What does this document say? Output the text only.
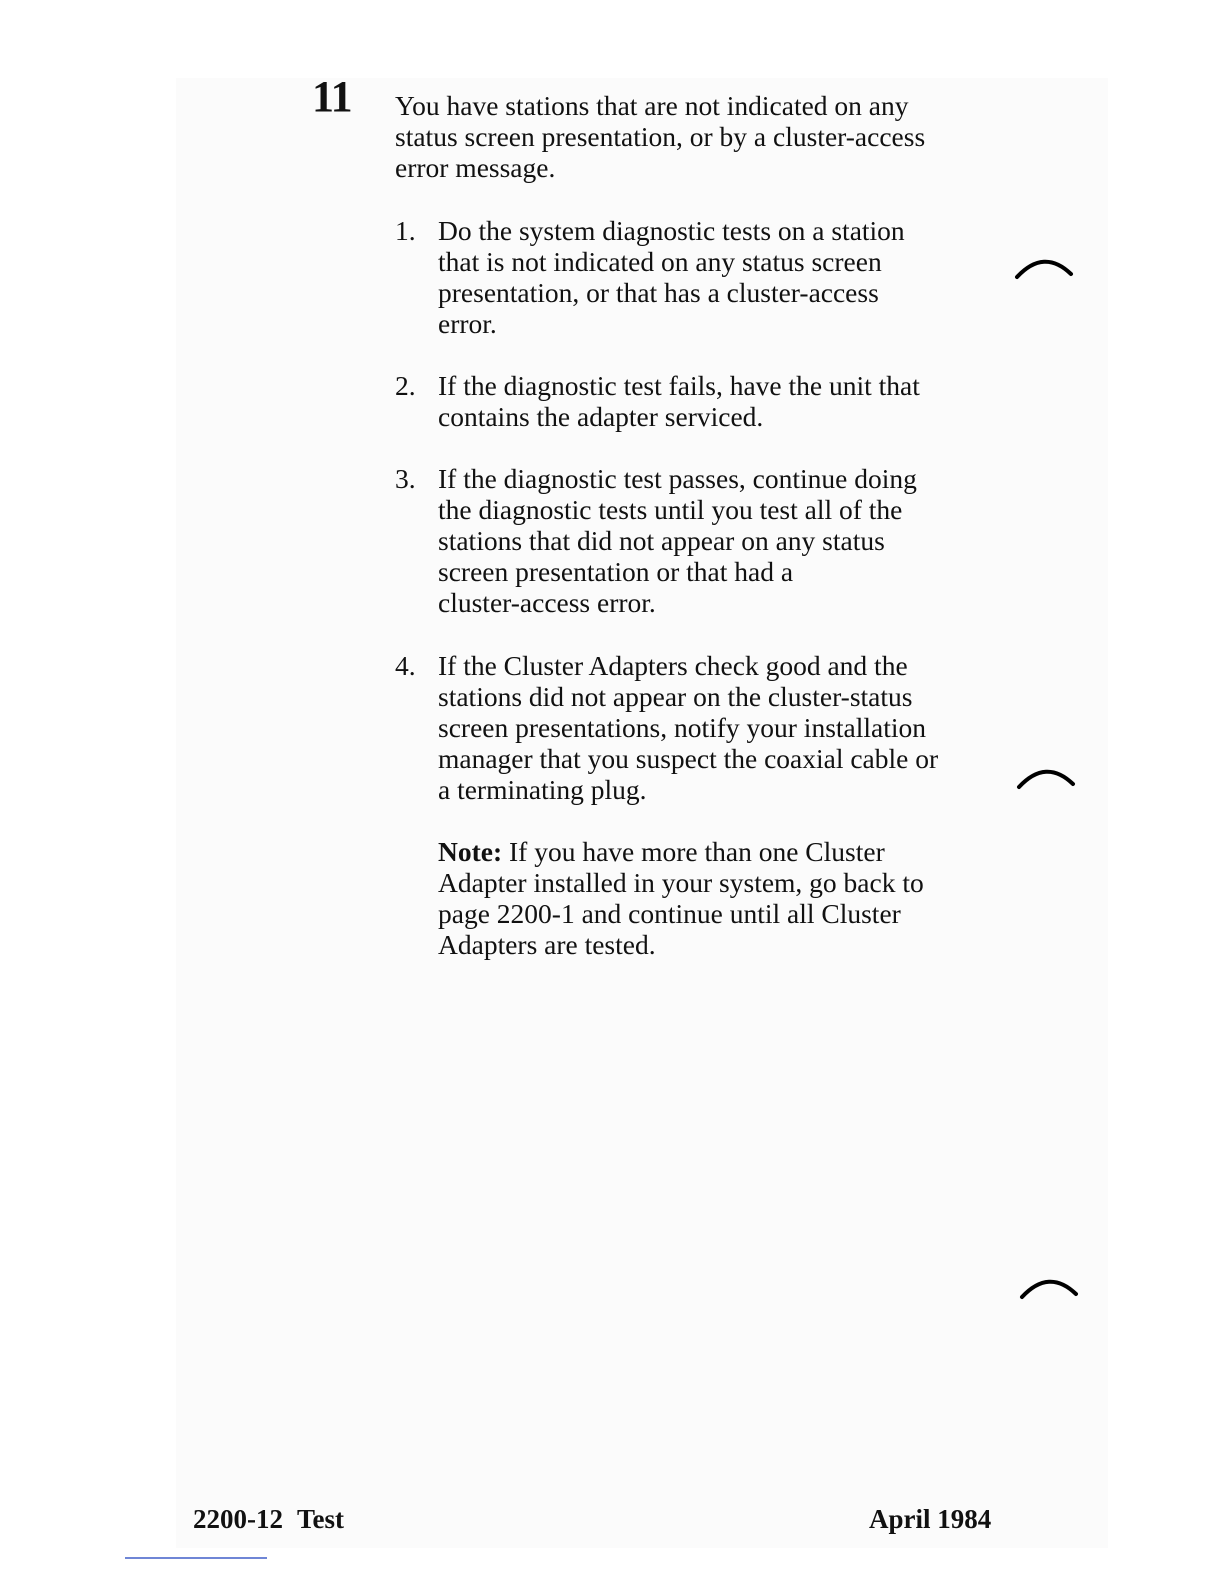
11 You have stations that are not indicated on any
status screen presentation, or by a cluster-access
error message.
1. Do the system diagnostic tests on a station
that is not indicated on any status screen
presentation, or that has a cluster-access
error.
2. If the diagnostic test fails, have the unit that
contains the adapter serviced.
3. If the diagnostic test passes, continue doing
the diagnostic tests until you test all of the
stations that did not appear on any status
screen presentation or that had a
cluster-access error.
4. If the Cluster Adapters check good and the
stations did not appear on the cluster-status
screen presentations, notify your installation
manager that you suspect the coaxial cable or
a terminating plug.
Note: If you have more than one Cluster
Adapter installed in your system, go back to
page 2200-1 and continue until all Cluster
Adapters are tested.
2200-12 Test	April 1984
